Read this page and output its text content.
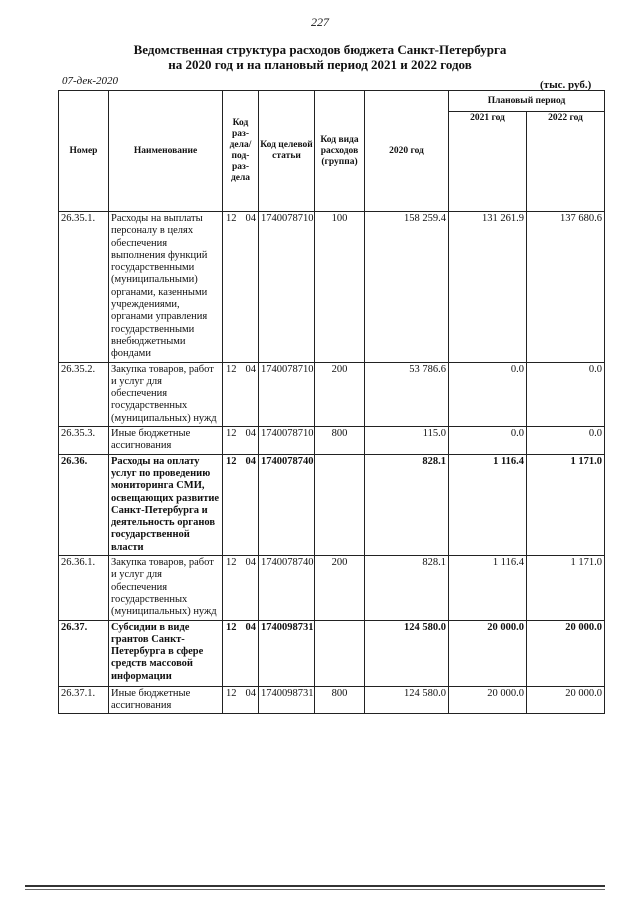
227
Ведомственная структура расходов бюджета Санкт-Петербурга
на 2020 год и на плановый период 2021 и 2022 годов
07-дек-2020	(тыс. руб.)
Номер	Наименование	Код раз- дела/ под- раз- дела	Код целевой статьи	Код вида расходов (группа)	2020 год	Плановый период	
						2021 год	2022 год
26.35.1.	Расходы на выплаты персоналу в целях обеспечения выполнения функций государственными (муниципальными) органами, казенными учреждениями, органами управления государственными внебюджетными фондами	12 04	1740078710	100	158 259.4	131 261.9	137 680.6
26.35.2.	Закупка товаров, работ и услуг для обеспечения государственных (муниципальных) нужд	12 04	1740078710	200	53 786.6	0.0	0.0
26.35.3.	Иные бюджетные ассигнования	12 04	1740078710	800	115.0	0.0	0.0
26.36.	Расходы на оплату услуг по проведению мониторинга СМИ, освещающих развитие Санкт-Петербурга и деятельность органов государственной власти	12 04	1740078740		828.1	1 116.4	1 171.0
26.36.1.	Закупка товаров, работ и услуг для обеспечения государственных (муниципальных) нужд	12 04	1740078740	200	828.1	1 116.4	1 171.0
26.37.	Субсидии в виде грантов Санкт-Петербурга в сфере средств массовой информации	12 04	1740098731		124 580.0	20 000.0	20 000.0
26.37.1.	Иные бюджетные ассигнования	12 04	1740098731	800	124 580.0	20 000.0	20 000.0
